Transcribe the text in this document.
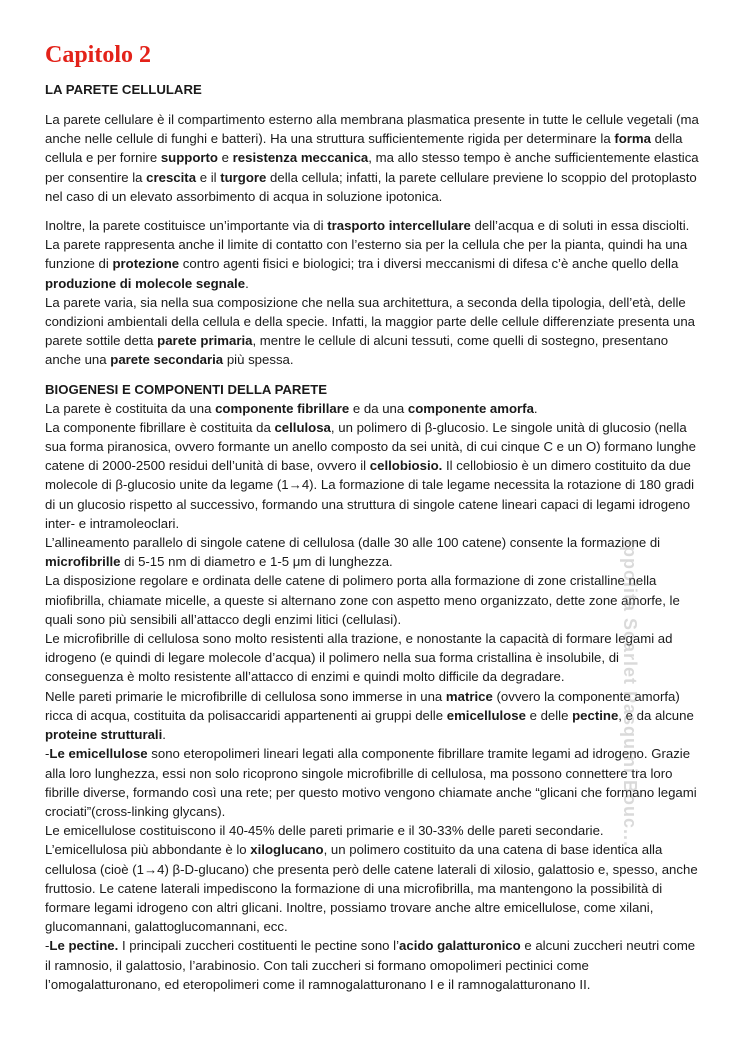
Capitolo 2
LA PARETE CELLULARE

La parete cellulare è il compartimento esterno alla membrana plasmatica presente in tutte le cellule vegetali (ma anche nelle cellule di funghi e batteri). Ha una struttura sufficientemente rigida per determinare la forma della cellula e per fornire supporto e resistenza meccanica, ma allo stesso tempo è anche sufficientemente elastica per consentire la crescita e il turgore della cellula; infatti, la parete cellulare previene lo scoppio del protoplasto nel caso di un elevato assorbimento di acqua in soluzione ipotonica.

Inoltre, la parete costituisce un’importante via di trasporto intercellulare dell’acqua e di soluti in essa disciolti. La parete rappresenta anche il limite di contatto con l’esterno sia per la cellula che per la pianta, quindi ha una funzione di protezione contro agenti fisici e biologici; tra i diversi meccanismi di difesa c’è anche quello della produzione di molecole segnale.

La parete varia, sia nella sua composizione che nella sua architettura, a seconda della tipologia, dell’età, delle condizioni ambientali della cellula e della specie. Infatti, la maggior parte delle cellule differenziate presenta una parete sottile detta parete primaria, mentre le cellule di alcuni tessuti, come quelli di sostegno, presentano anche una parete secondaria più spessa.

BIOGENESI E COMPONENTI DELLA PARETE

La parete è costituita da una componente fibrillare e da una componente amorfa.

La componente fibrillare è costituita da cellulosa, un polimero di β-glucosio. Le singole unità di glucosio (nella sua forma piranosica, ovvero formante un anello composto da sei unità, di cui cinque C e un O) formano lunghe catene di 2000-2500 residui dell’unità di base, ovvero il cellobiosio. Il cellobiosio è un dimero costituito da due molecole di β-glucosio unite da legame (1→4). La formazione di tale legame necessita la rotazione di 180 gradi di un glucosio rispetto al successivo, formando una struttura di singole catene lineari capaci di legami idrogeno inter- e intramoleoclari.

L’allineamento parallelo di singole catene di cellulosa (dalle 30 alle 100 catene) consente la formazione di microfibrille di 5-15 nm di diametro e 1-5 μm di lunghezza.

La disposizione regolare e ordinata delle catene di polimero porta alla formazione di zone cristalline nella miofibrilla, chiamate micelle, a queste si alternano zone con aspetto meno organizzato, dette zone amorfe, le quali sono più sensibili all’attacco degli enzimi litici (cellulasi).

Le microfibrille di cellulosa sono molto resistenti alla trazione, e nonostante la capacità di formare legami ad idrogeno (e quindi di legare molecole d’acqua) il polimero nella sua forma cristallina è insolubile, di conseguenza è molto resistente all’attacco di enzimi e quindi molto difficile da degradare.

Nelle pareti primarie le microfibrille di cellulosa sono immerse in una matrice (ovvero la componente amorfa) ricca di acqua, costituita da polisaccaridi appartenenti ai gruppi delle emicellulose e delle pectine, e da alcune proteine strutturali.

-Le emicellulose sono eteropolimeri lineari legati alla componente fibrillare tramite legami ad idrogeno. Grazie alla loro lunghezza, essi non solo ricoprono singole microfibrille di cellulosa, ma possono connettere tra loro fibrille diverse, formando così una rete; per questo motivo vengono chiamate anche “glicani che formano legami crociati”(cross-linking glycans).

Le emicellulose costituiscono il 40-45% delle pareti primarie e il 30-33% delle pareti secondarie.

L’emicellulosa più abbondante è lo xiloglucano, un polimero costituito da una catena di base identica alla cellulosa (cioè (1→4) β-D-glucano) che presenta però delle catene laterali di xilosio, galattosio e, spesso, anche fruttosio. Le catene laterali impediscono la formazione di una microfibrilla, ma mantengono la possibilità di formare legami idrogeno con altri glicani. Inoltre, possiamo trovare anche altre emicellulose, come xilani, glucomannani, galattoglucomannani, ecc.

-Le pectine. I principali zuccheri costituenti le pectine sono l’acido galatturonico e alcuni zuccheri neutri come il ramnosio, il galattosio, l’arabinosio. Con tali zuccheri si formano omopolimeri pectinici come l’omogalatturonano, ed eteropolimeri come il ramnogalatturonano I e il ramnogalatturonano II.

Ippolita Scarlet Pasquini Bouc...
